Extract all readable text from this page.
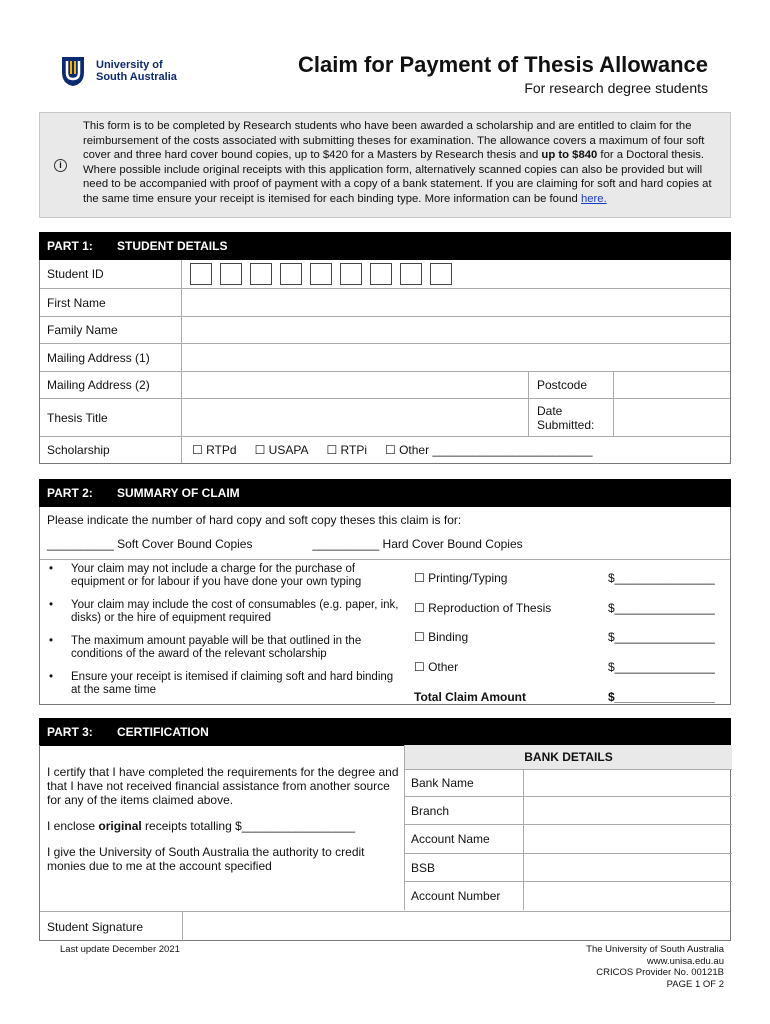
University of
South Australia	Claim for Payment of Thesis Allowance
For research degree students
i
This form is to be completed by Research students who have been awarded a scholarship and are entitled to claim for the reimbursement of the costs associated with submitting theses for examination. The allowance covers a maximum of four soft cover and three hard cover bound copies, up to $420 for a Masters by Research thesis and up to $840 for a Doctoral thesis. Where possible include original receipts with this application form, alternatively scanned copies can also be provided but will need to be accompanied with proof of payment with a copy of a bank statement. If you are claiming for soft and hard copies at the same time ensure your receipt is itemised for each binding type. More information can be found here.
PART 1:	STUDENT DETAILS
Student ID
First Name
Family Name
Mailing Address (1)
Mailing Address (2)	Postcode
Thesis Title	Date Submitted:
Scholarship	☐ RTPd ☐ USAPA ☐ RTPi ☐ Other ________________________
PART 2:	SUMMARY OF CLAIM
Please indicate the number of hard copy and soft copy theses this claim is for:
__________ Soft Cover Bound Copies	__________ Hard Cover Bound Copies
• Your claim may not include a charge for the purchase of equipment or for labour if you have done your own typing
• Your claim may include the cost of consumables (e.g. paper, ink, disks) or the hire of equipment required
• The maximum amount payable will be that outlined in the conditions of the award of the relevant scholarship
• Ensure your receipt is itemised if claiming soft and hard binding at the same time
☐ Printing/Typing	$_______________
☐ Reproduction of Thesis	$_______________
☐ Binding	$_______________
☐ Other	$_______________
Total Claim Amount	$_______________
PART 3:	CERTIFICATION

I certify that I have completed the requirements for the degree and that I have not received financial assistance from another source for any of the items claimed above.

I enclose original receipts totalling $_________________

I give the University of South Australia the authority to credit monies due to me at the account specified

BANK DETAILS
Bank Name
Branch
Account Name
BSB
Account Number
Student Signature
Last update December 2021	The University of South Australia
www.unisa.edu.au
CRICOS Provider No. 00121B
PAGE 1 OF 2
